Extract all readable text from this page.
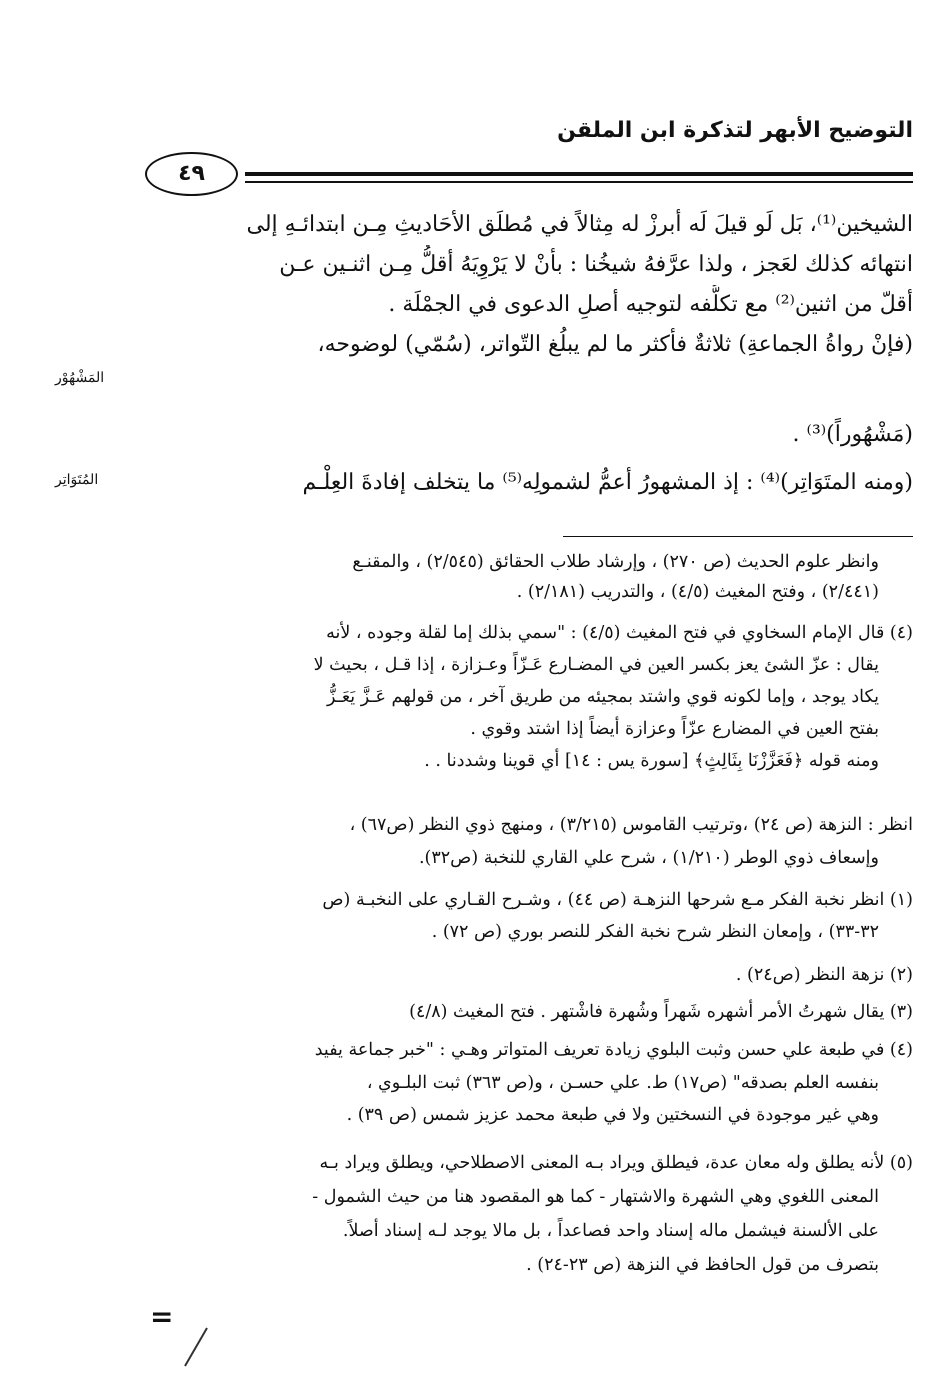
التوضيح الأبهر لتذكرة ابن الملقن
٤٩
الشيخين⁽¹⁾، بَل لَو قيلَ لَه أبرزْ له مِثالاً في مُطلَق الأحَاديثِ مِـن ابتدائـهِ إلى
انتهائه كذلك لعَجز ، ولذا عرَّفهُ شيخُنا : بأنْ لا يَرْوِيَهُ أقلُّ مِـن اثنـين عـن
أقلّ من اثنين⁽²⁾ مع تكلُّفه لتوجيه أصلِ الدعوى في الجمْلَة .
(فإنْ رواةُ الجماعةِ) ثلاثةٌ فأكثر ما لم يبلُغ التّواتر، (سُمّي) لوضوحه،
(مَشْهُوراً)⁽³⁾ .
(ومنه المتَوَاتِر)⁽⁴⁾ : إذ المشهورُ أعمُّ لشمولِه⁽⁵⁾ ما يتخلف إفادةَ العِلْـم
المَشْهُوْر
المُتَوَاتِر
وانظر علوم الحديث (ص ٢٧٠) ، وإرشاد طلاب الحقائق (٢/٥٤٥) ، والمقنـع
(٢/٤٤١) ، وفتح المغيث (٤/٥) ، والتدريب (٢/١٨١) .
(٤) قال الإمام السخاوي في فتح المغيث (٤/٥) : "سمي بذلك إما لقلة وجوده ، لأنه
يقال : عزّ الشئ يعز بكسر العين في المضـارع عَـزّاً وعـزازة ، إذا قـل ، بحيث لا
يكاد يوجد ، وإما لكونه قوي واشتد بمجيئه من طريق آخر ، من قولهم عَـزَّ يَعَـزُّ
بفتح العين في المضارع عزّاً وعزازة أيضاً إذا اشتد وقوي .
ومنه قوله ﴿فَعَزَّزْنَا بِثَالِثٍ﴾ [سورة يس : ١٤] أي قوينا وشددنا . .
انظر : النزهة (ص ٢٤) ،وترتيب القاموس (٣/٢١٥) ، ومنهج ذوي النظر (ص٦٧) ،
وإسعاف ذوي الوطر (١/٢١٠) ، شرح علي القاري للنخبة (ص٣٢).
(١) انظر نخبة الفكر مـع شرحها النزهـة (ص ٤٤) ، وشـرح القـاري على النخبـة (ص
٣٢-٣٣) ، وإمعان النظر شرح نخبة الفكر للنصر بوري (ص ٧٢) .
(٢) نزهة النظر (ص٢٤) .
(٣) يقال شهرتُ الأمر أشهره شَهراً وشُهرة فاشْتهر . فتح المغيث (٤/٨)
(٤) في طبعة علي حسن وثبت البلوي زيادة تعريف المتواتر وهـي : "خبر جماعة يفيد
بنفسه العلم بصدقه" (ص١٧) ط. علي حسـن ، و(ص ٣٦٣) ثبت البلـوي ،
وهي غير موجودة في النسختين ولا في طبعة محمد عزيز شمس (ص ٣٩) .
(٥) لأنه يطلق وله معان عدة، فيطلق ويراد بـه المعنى الاصطلاحي، ويطلق ويراد بـه
المعنى اللغوي وهي الشهرة والاشتهار - كما هو المقصود هنا من حيث الشمول -
على الألسنة فيشمل ماله إسناد واحد فصاعداً ، بل مالا يوجد لـه إسناد أصلاً.
بتصرف من قول الحافظ في النزهة (ص ٢٣-٢٤) .
=
